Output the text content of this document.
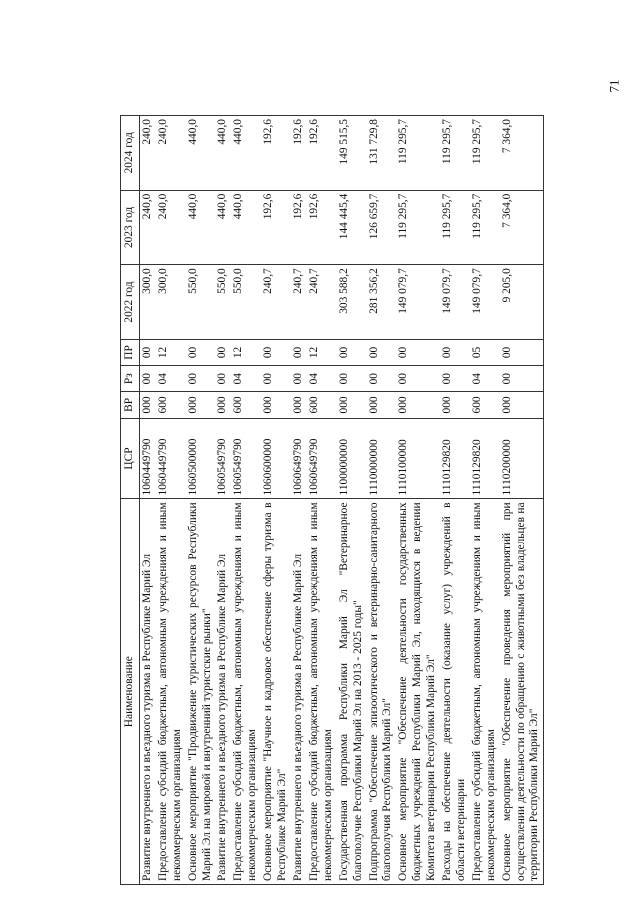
71
Наименование	ЦСР	ВР	Рз	ПР	2022 год	2023 год	2024 год
Развитие внутреннего и въездного туризма в Республике Марий Эл	1060449790	000	00	00	300,0	240,0	240,0
Предоставление субсидий бюджетным, автономным учреждениям и иным некоммерческим организациям	1060449790	600	04	12	300,0	240,0	240,0
Основное мероприятие "Продвижение туристических ресурсов Республики Марий Эл на мировой и внутренний туристские рынки"	1060500000	000	00	00	550,0	440,0	440,0
Развитие внутреннего и въездного туризма в Республике Марий Эл	1060549790	000	00	00	550,0	440,0	440,0
Предоставление субсидий бюджетным, автономным учреждениям и иным некоммерческим организациям	1060549790	600	04	12	550,0	440,0	440,0
Основное мероприятие "Научное и кадровое обеспечение сферы туризма в Республике Марий Эл"	1060600000	000	00	00	240,7	192,6	192,6
Развитие внутреннего и въездного туризма в Республике Марий Эл	1060649790	000	00	00	240,7	192,6	192,6
Предоставление субсидий бюджетным, автономным учреждениям и иным некоммерческим организациям	1060649790	600	04	12	240,7	192,6	192,6
Государственная программа Республики Марий Эл "Ветеринарное благополучие Республики Марий Эл на 2013 - 2025 годы"	1100000000	000	00	00	303 588,2	144 445,4	149 515,5
Подпрограмма "Обеспечение эпизоотического и ветеринарно-санитарного благополучия Республики Марий Эл"	1110000000	000	00	00	281 356,2	126 659,7	131 729,8
Основное мероприятие "Обеспечение деятельности государственных бюджетных учреждений Республики Марий Эл, находящихся в ведении Комитета ветеринарии Республики Марий Эл"	1110100000	000	00	00	149 079,7	119 295,7	119 295,7
Расходы на обеспечение деятельности (оказание услуг) учреждений в области ветеринарии	1110129820	000	00	00	149 079,7	119 295,7	119 295,7
Предоставление субсидий бюджетным, автономным учреждениям и иным некоммерческим организациям	1110129820	600	04	05	149 079,7	119 295,7	119 295,7
Основное мероприятие "Обеспечение проведения мероприятий при осуществлении деятельности по обращению с животными без владельцев на территории Республики Марий Эл"	1110200000	000	00	00	9 205,0	7 364,0	7 364,0
